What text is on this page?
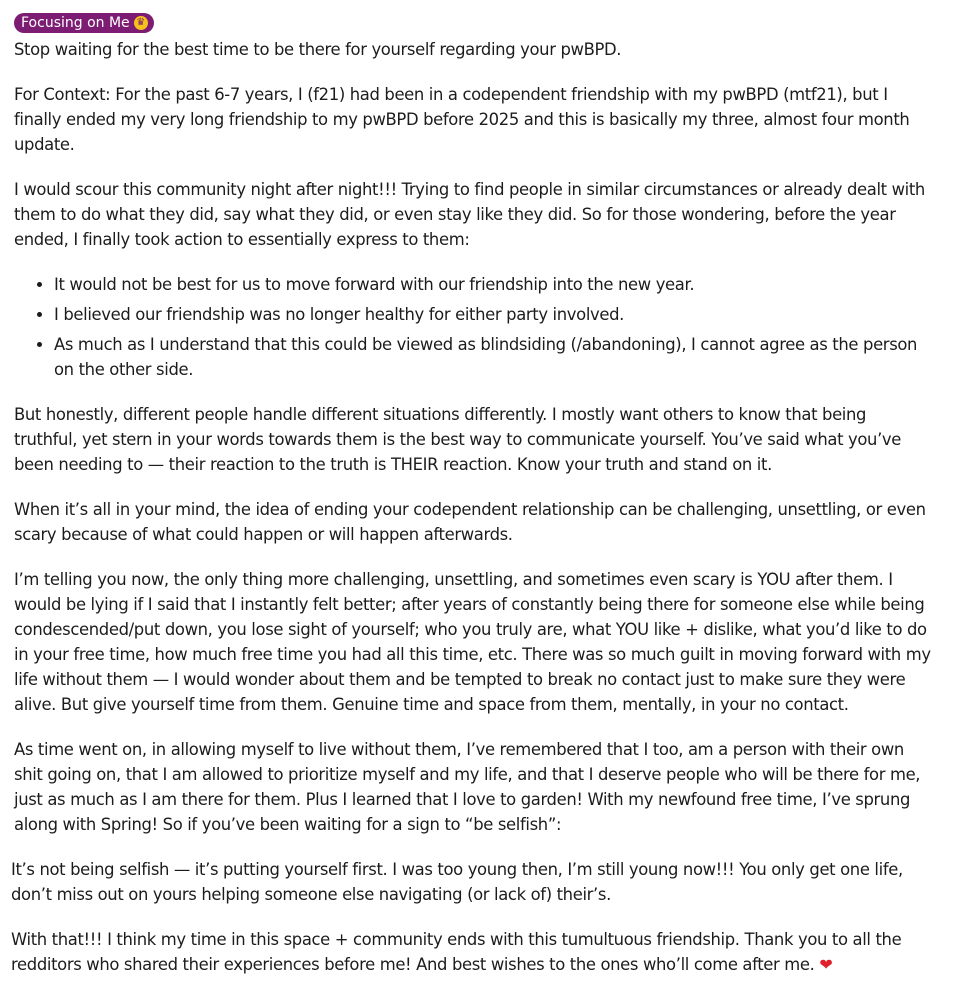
Focusing on Me ♛

Stop waiting for the best time to be there for yourself regarding your pwBPD.

For Context: For the past 6-7 years, I (f21) had been in a codependent friendship with my pwBPD (mtf21), but I finally ended my very long friendship to my pwBPD before 2025 and this is basically my three, almost four month update.

I would scour this community night after night!!! Trying to find people in similar circumstances or already dealt with them to do what they did, say what they did, or even stay like they did. So for those wondering, before the year ended, I finally took action to essentially express to them:

• It would not be best for us to move forward with our friendship into the new year.
• I believed our friendship was no longer healthy for either party involved.
• As much as I understand that this could be viewed as blindsiding (/abandoning), I cannot agree as the person on the other side.

But honestly, different people handle different situations differently. I mostly want others to know that being truthful, yet stern in your words towards them is the best way to communicate yourself. You’ve said what you’ve been needing to — their reaction to the truth is THEIR reaction. Know your truth and stand on it.

When it’s all in your mind, the idea of ending your codependent relationship can be challenging, unsettling, or even scary because of what could happen or will happen afterwards.

I’m telling you now, the only thing more challenging, unsettling, and sometimes even scary is YOU after them. I would be lying if I said that I instantly felt better; after years of constantly being there for someone else while being condescended/put down, you lose sight of yourself; who you truly are, what YOU like + dislike, what you’d like to do in your free time, how much free time you had all this time, etc. There was so much guilt in moving forward with my life without them — I would wonder about them and be tempted to break no contact just to make sure they were alive. But give yourself time from them. Genuine time and space from them, mentally, in your no contact.

As time went on, in allowing myself to live without them, I’ve remembered that I too, am a person with their own shit going on, that I am allowed to prioritize myself and my life, and that I deserve people who will be there for me, just as much as I am there for them. Plus I learned that I love to garden! With my newfound free time, I’ve sprung along with Spring! So if you’ve been waiting for a sign to “be selfish”:

It’s not being selfish — it’s putting yourself first. I was too young then, I’m still young now!!! You only get one life, don’t miss out on yours helping someone else navigating (or lack of) their’s.

With that!!! I think my time in this space + community ends with this tumultuous friendship. Thank you to all the redditors who shared their experiences before me! And best wishes to the ones who’ll come after me. ❤
